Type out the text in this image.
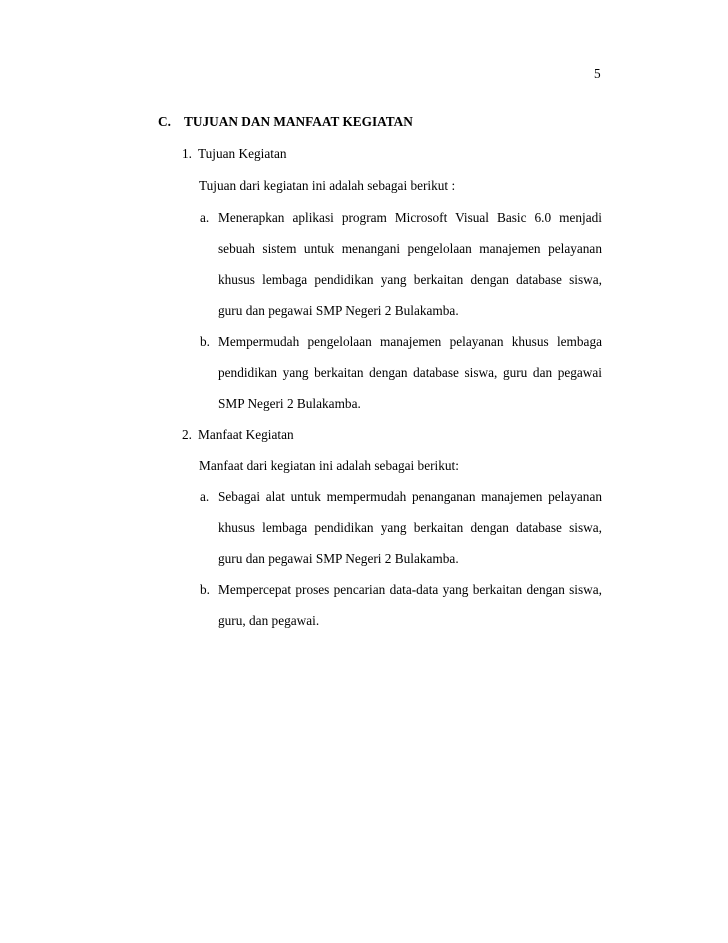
5
C. TUJUAN DAN MANFAAT KEGIATAN
1. Tujuan Kegiatan
Tujuan dari kegiatan ini adalah sebagai berikut :
a. Menerapkan aplikasi program Microsoft Visual Basic 6.0 menjadi
sebuah sistem untuk menangani pengelolaan manajemen pelayanan
khusus lembaga pendidikan yang berkaitan dengan database siswa,
guru dan pegawai SMP Negeri 2 Bulakamba.
b. Mempermudah pengelolaan manajemen pelayanan khusus lembaga
pendidikan yang berkaitan dengan database siswa, guru dan pegawai
SMP Negeri 2 Bulakamba.
2. Manfaat Kegiatan
Manfaat dari kegiatan ini adalah sebagai berikut:
a. Sebagai alat untuk mempermudah penanganan manajemen pelayanan
khusus lembaga pendidikan yang berkaitan dengan database siswa,
guru dan pegawai SMP Negeri 2 Bulakamba.
b. Mempercepat proses pencarian data-data yang berkaitan dengan siswa,
guru, dan pegawai.
